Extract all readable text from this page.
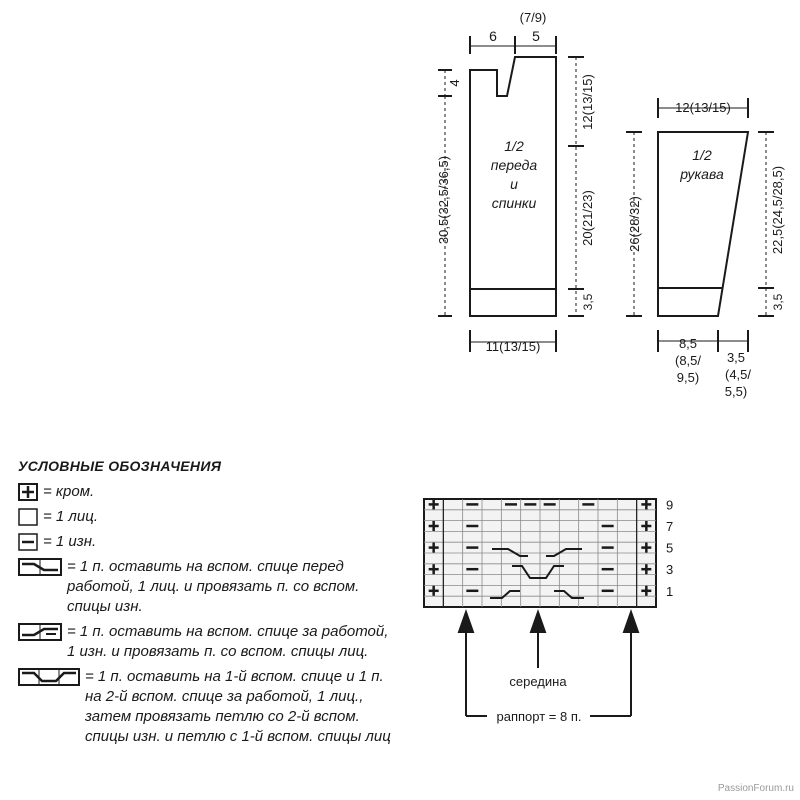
(7/9)
6	5
4
30,5(32,5/36,5)
12(13/15)
20(21/23)
3,5
11(13/15)
1/2
переда
и
спинки
12(13/15)
26(28/32)	22,5(24,5/28,5)
3,5
1/2
рукава
8,5
(8,5/
9,5)
3,5
(4,5/
5,5)
9
7
5
3
1
середина
раппорт = 8 п.
УСЛОВНЫЕ ОБОЗНАЧЕНИЯ
= кром.
= 1 лиц.
= 1 изн.
= 1 п. оставить на вспом. спице перед работой, 1 лиц. и провязать п. со вспом. спицы изн.
= 1 п. оставить на вспом. спице за работой, 1 изн. и провязать п. со вспом. спицы лиц.
= 1 п. оставить на 1-й вспом. спице и 1 п. на 2-й вспом. спице за работой, 1 лиц., затем провязать петлю со 2-й вспом. спицы изн. и петлю с 1-й вспом. спицы лиц
PassionForum.ru
